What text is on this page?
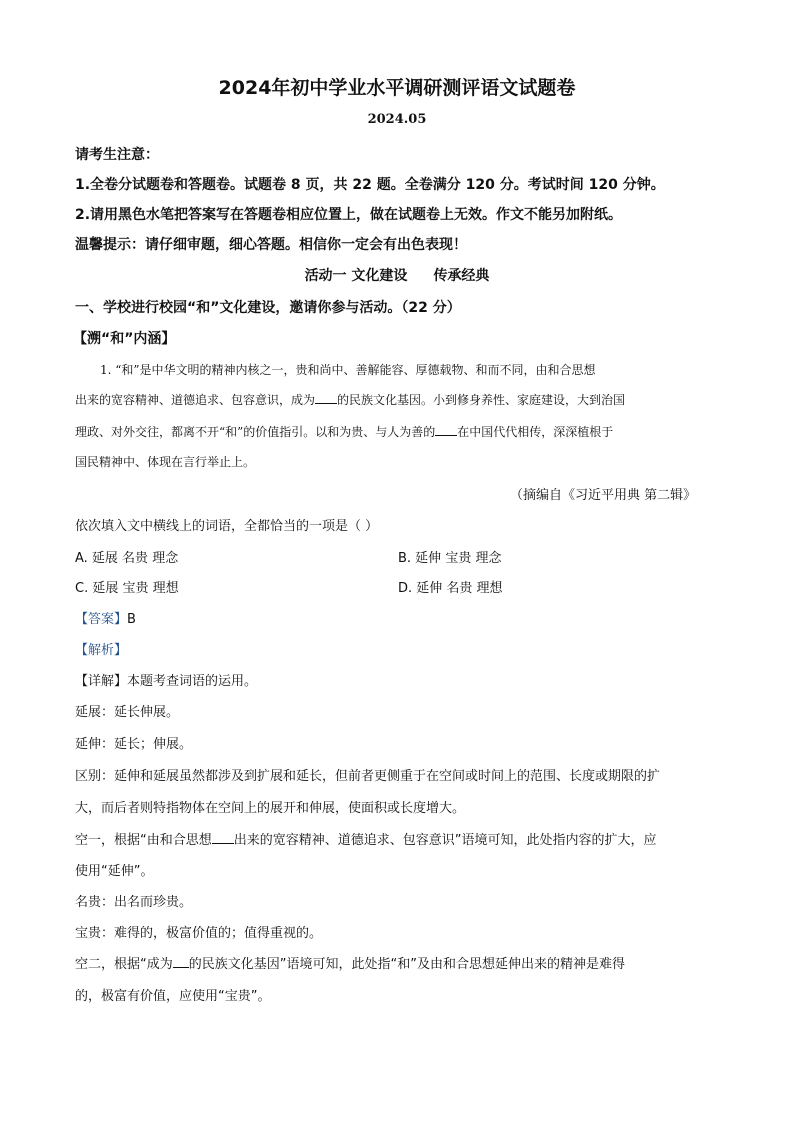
2024年初中学业水平调研测评语文试题卷
2024.05
请考生注意：
1.全卷分试题卷和答题卷。试题卷 8 页，共 22 题。全卷满分 120 分。考试时间 120 分钟。
2.请用黑色水笔把答案写在答题卷相应位置上，做在试题卷上无效。作文不能另加附纸。
温馨提示：请仔细审题，细心答题。相信你一定会有出色表现！
活动一 文化建设 传承经典
一、学校进行校园“和”文化建设，邀请你参与活动。（22 分）
【溯“和”内涵】
1. “和”是中华文明的精神内核之一，贵和尚中、善解能容、厚德载物、和而不同，由和合思想
出来的宽容精神、道德追求、包容意识，成为 的民族文化基因。小到修身养性、家庭建设，大到治国
理政、对外交往，都离不开“和”的价值指引。以和为贵、与人为善的 在中国代代相传，深深植根于
国民精神中、体现在言行举止上。
（摘编自《习近平用典 第二辑》
依次填入文中横线上的词语，全都恰当的一项是（ ）
A. 延展 名贵 理念	B. 延伸 宝贵 理念
C. 延展 宝贵 理想	D. 延伸 名贵 理想
【答案】B
【解析】
【详解】本题考查词语的运用。
延展：延长伸展。
延伸：延长；伸展。
区别：延伸和延展虽然都涉及到扩展和延长，但前者更侧重于在空间或时间上的范围、长度或期限的扩
大，而后者则特指物体在空间上的展开和伸展，使面积或长度增大。
空一，根据“由和合思想 出来的宽容精神、道德追求、包容意识”语境可知，此处指内容的扩大，应
使用“延伸”。
名贵：出名而珍贵。
宝贵：难得的，极富价值的；值得重视的。
空二，根据“成为 的民族文化基因”语境可知，此处指“和”及由和合思想延伸出来的精神是难得
的，极富有价值，应使用“宝贵”。
